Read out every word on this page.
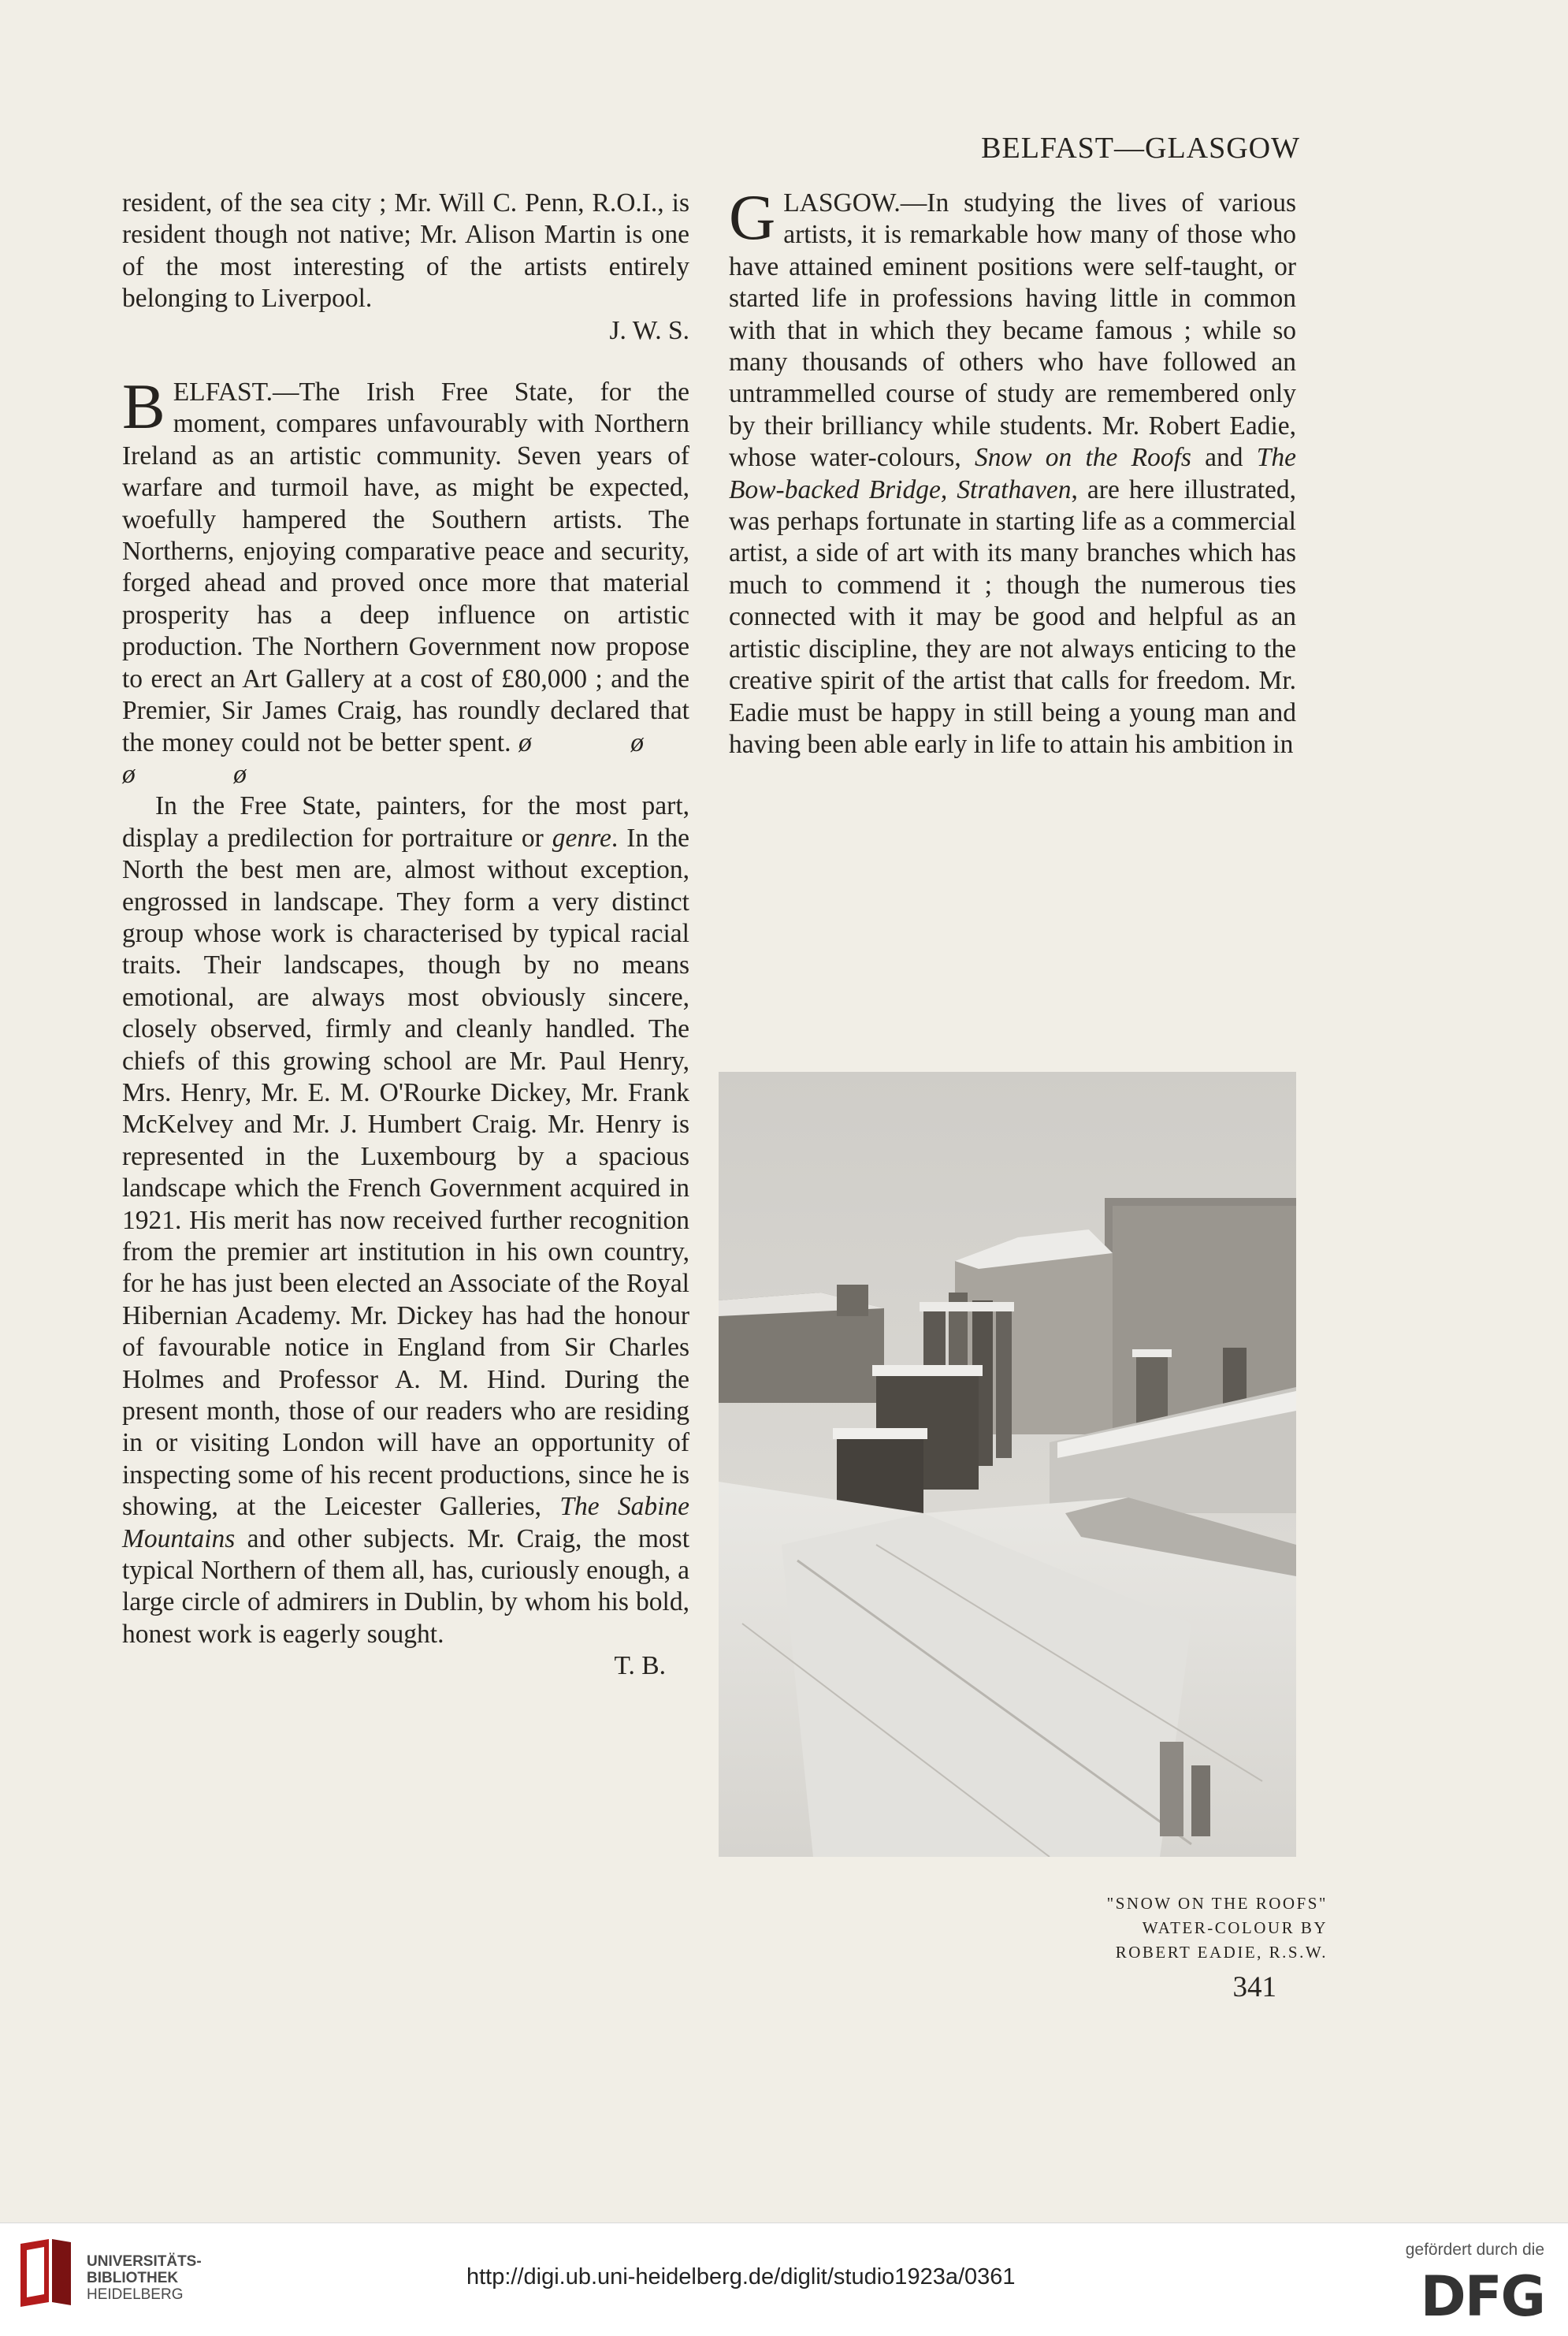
BELFAST—GLASGOW

resident, of the sea city ; Mr. Will C. Penn, R.O.I., is resident though not native; Mr. Alison Martin is one of the most interesting of the artists entirely belonging to Liverpool.

J. W. S.

B ELFAST.—The Irish Free State, for the moment, compares unfavourably with Northern Ireland as an artistic community. Seven years of warfare and turmoil have, as might be expected, woefully hampered the Southern artists. The Northerns, enjoying comparative peace and security, forged ahead and proved once more that material prosperity has a deep influence on artistic production. The Northern Government now propose to erect an Art Gallery at a cost of £80,000 ; and the Premier, Sir James Craig, has roundly declared that the money could not be better spent. ø ø ø ø

In the Free State, painters, for the most part, display a predilection for portraiture or genre. In the North the best men are, almost without exception, engrossed in landscape. They form a very distinct group whose work is characterised by typical racial traits. Their landscapes, though by no means emotional, are always most obviously sincere, closely observed, firmly and cleanly handled. The chiefs of this growing school are Mr. Paul Henry, Mrs. Henry, Mr. E. M. O'Rourke Dickey, Mr. Frank McKelvey and Mr. J. Humbert Craig. Mr. Henry is represented in the Luxembourg by a spacious landscape which the French Government acquired in 1921. His merit has now received further recognition from the premier art institution in his own country, for he has just been elected an Associate of the Royal Hibernian Academy. Mr. Dickey has had the honour of favourable notice in England from Sir Charles Holmes and Professor A. M. Hind. During the present month, those of our readers who are residing in or visiting London will have an opportunity of inspecting some of his recent productions, since he is showing, at the Leicester Galleries, The Sabine Mountains and other subjects. Mr. Craig, the most typical Northern of them all, has, curiously enough, a large circle of admirers in Dublin, by whom his bold, honest work is eagerly sought.

T. B.

G LASGOW.—In studying the lives of various artists, it is remarkable how many of those who have attained eminent positions were self-taught, or started life in professions having little in common with that in which they became famous ; while so many thousands of others who have followed an untrammelled course of study are remembered only by their brilliancy while students. Mr. Robert Eadie, whose water-colours, Snow on the Roofs and The Bow-backed Bridge, Strathaven, are here illustrated, was perhaps fortunate in starting life as a commercial artist, a side of art with its many branches which has much to commend it ; though the numerous ties connected with it may be good and helpful as an artistic discipline, they are not always enticing to the creative spirit of the artist that calls for freedom. Mr. Eadie must be happy in still being a young man and having been able early in life to attain his ambition in

"SNOW ON THE ROOFS"
WATER-COLOUR BY
ROBERT EADIE, R.S.W.
341
UNIVERSITÄTS-
BIBLIOTHEK
HEIDELBERG
http://digi.ub.uni-heidelberg.de/diglit/studio1923a/0361
gefördert durch die
DFG
